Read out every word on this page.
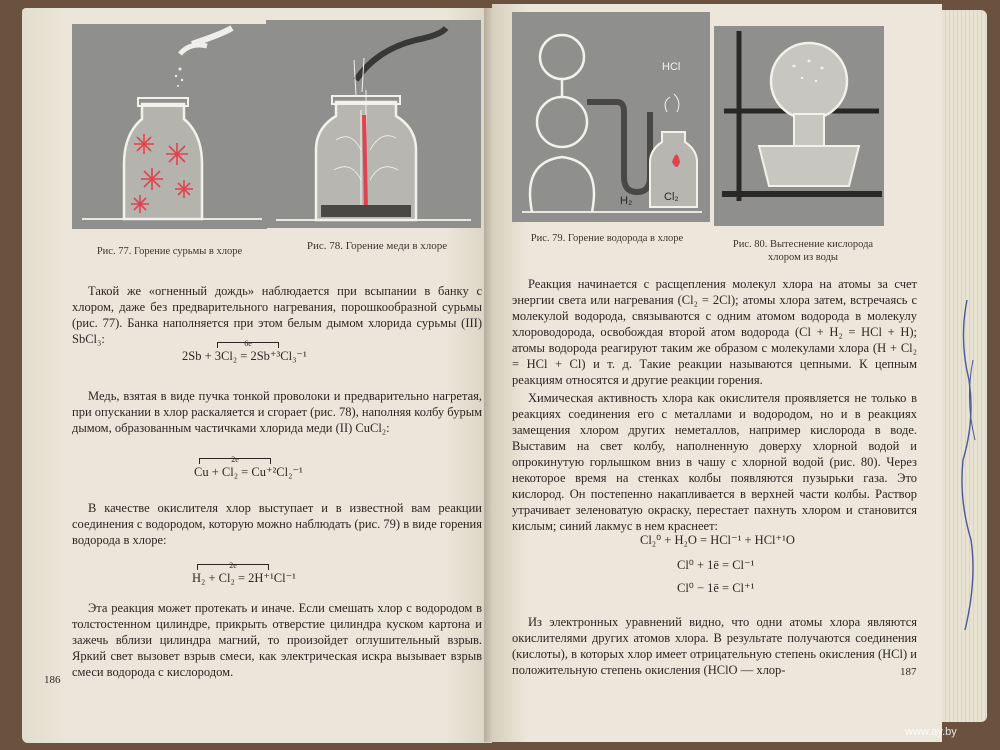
Рис. 77. Горение сурьмы в хлоре	Рис. 78. Горение меди в хлоре

Такой же «огненный дождь» наблюдается при всыпании в банку с хлором, даже без предварительного нагревания, порошкообразной сурьмы (рис. 77). Банка наполняется при этом белым дымом хлорида сурьмы (III) SbCl₃:	6e
2Sb + 3Cl₂ = 2Sb⁺³Cl₃⁻¹

Медь, взятая в виде пучка тонкой проволоки и предварительно нагретая, при опускании в хлор раскаляется и сгорает (рис. 78), наполняя колбу бурым дымом, образованным частичками хлорида меди (II) CuCl₂:

2e
Cu + Cl₂ = Cu⁺²Cl₂⁻¹

В качестве окислителя хлор выступает и в известной вам реакции соединения с водородом, которую можно наблюдать (рис. 79) в виде горения водорода в хлоре:

2e
H₂ + Cl₂ = 2H⁺¹Cl⁻¹

Эта реакция может протекать и иначе. Если смешать хлор с водородом в толстостенном цилиндре, прикрыть отверстие цилиндра куском картона и зажечь вблизи цилиндра магний, то произойдет оглушительный взрыв. Яркий свет вызовет взрыв смеси, как электрическая искра вызывает взрыв смеси водорода с кислородом.

186
HCl
H₂	Cl₂
Рис. 79. Горение водорода в хлоре
Рис. 80. Вытеснение кислорода хлором из воды

Реакция начинается с расщепления молекул хлора на атомы за счет энергии света или нагревания (Cl₂ = 2Cl); атомы хлора затем, встречаясь с молекулой водорода, связываются с одним атомом водорода в молекулу хлороводорода, освобождая второй атом водорода (Cl + H₂ = HCl + H); атомы водорода реагируют таким же образом с молекулами хлора (H + Cl₂ = HCl + Cl) и т. д. Такие реакции называются цепными. К цепным реакциям относятся и другие реакции горения.

Химическая активность хлора как окислителя проявляется не только в реакциях соединения его с металлами и водородом, но и в реакциях замещения хлором других неметаллов, например кислорода в воде. Выставим на свет колбу, наполненную доверху хлорной водой и опрокинутую горлышком вниз в чашу с хлорной водой (рис. 80). Через некоторое время на стенках колбы появляются пузырьки газа. Это кислород. Он постепенно накапливается в верхней части колбы. Раствор утрачивает зеленоватую окраску, перестает пахнуть хлором и становится кислым; синий лакмус в нем краснеет:

Cl₂⁰ + H₂O = HCl⁻¹ + HCl⁺¹O
Cl⁰ + 1ē = Cl⁻¹
Cl⁰ − 1ē = Cl⁺¹

Из электронных уравнений видно, что одни атомы хлора являются окислителями других атомов хлора. В результате получаются соединения (кислоты), в которых хлор имеет отрицательную степень окисления (HCl) и положительную степень окисления (HClO — хлор-	187
www.ay.by
